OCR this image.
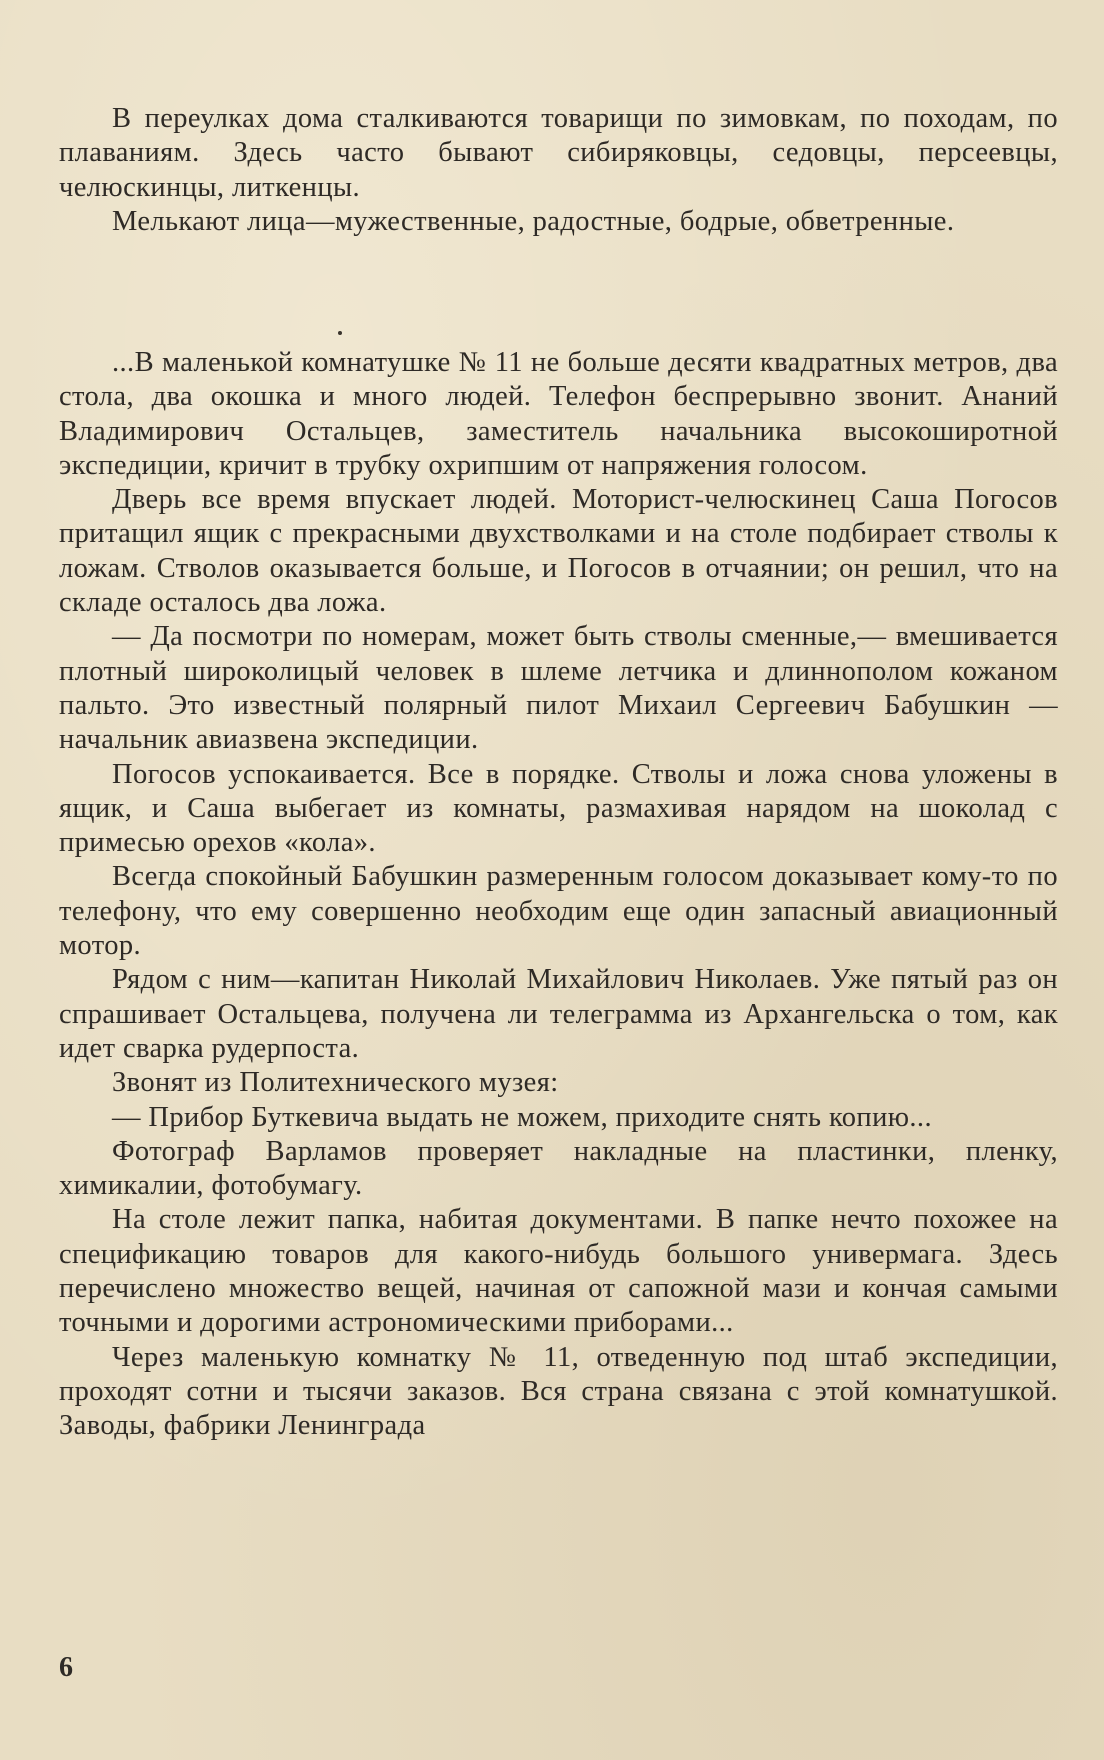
В переулках дома сталкиваются товарищи по зимовкам, по походам, по плаваниям. Здесь часто бывают сибиряковцы, седовцы, персеевцы, челюскинцы, литкенцы.

Мелькают лица—мужественные, радостные, бодрые, обветренные.

...В маленькой комнатушке № 11 не больше десяти квадратных метров, два стола, два окошка и много людей. Телефон беспрерывно звонит. Ананий Владимирович Остальцев, заместитель начальника высокоширотной экспедиции, кричит в трубку охрипшим от напряжения голосом.

Дверь все время впускает людей. Моторист-челюскинец Саша Погосов притащил ящик с прекрасными двухстволками и на столе подбирает стволы к ложам. Стволов оказывается больше, и Погосов в отчаянии; он решил, что на складе осталось два ложа.

— Да посмотри по номерам, может быть стволы сменные,— вмешивается плотный широколицый человек в шлеме летчика и длиннополом кожаном пальто. Это известный полярный пилот Михаил Сергеевич Бабушкин — начальник авиазвена экспедиции.

Погосов успокаивается. Все в порядке. Стволы и ложа снова уложены в ящик, и Саша выбегает из комнаты, размахивая нарядом на шоколад с примесью орехов «кола».

Всегда спокойный Бабушкин размеренным голосом доказывает кому-то по телефону, что ему совершенно необходим еще один запасный авиационный мотор.

Рядом с ним—капитан Николай Михайлович Николаев. Уже пятый раз он спрашивает Остальцева, получена ли телеграмма из Архангельска о том, как идет сварка рудерпоста.

Звонят из Политехнического музея:

— Прибор Буткевича выдать не можем, приходите снять копию...

Фотограф Варламов проверяет накладные на пластинки, пленку, химикалии, фотобумагу.

На столе лежит папка, набитая документами. В папке нечто похожее на спецификацию товаров для какого-нибудь большого универмага. Здесь перечислено множество вещей, начиная от сапожной мази и кончая самыми точными и дорогими астрономическими приборами...

Через маленькую комнатку № 11, отведенную под штаб экспедиции, проходят сотни и тысячи заказов. Вся страна связана с этой комнатушкой. Заводы, фабрики Ленинграда

6
